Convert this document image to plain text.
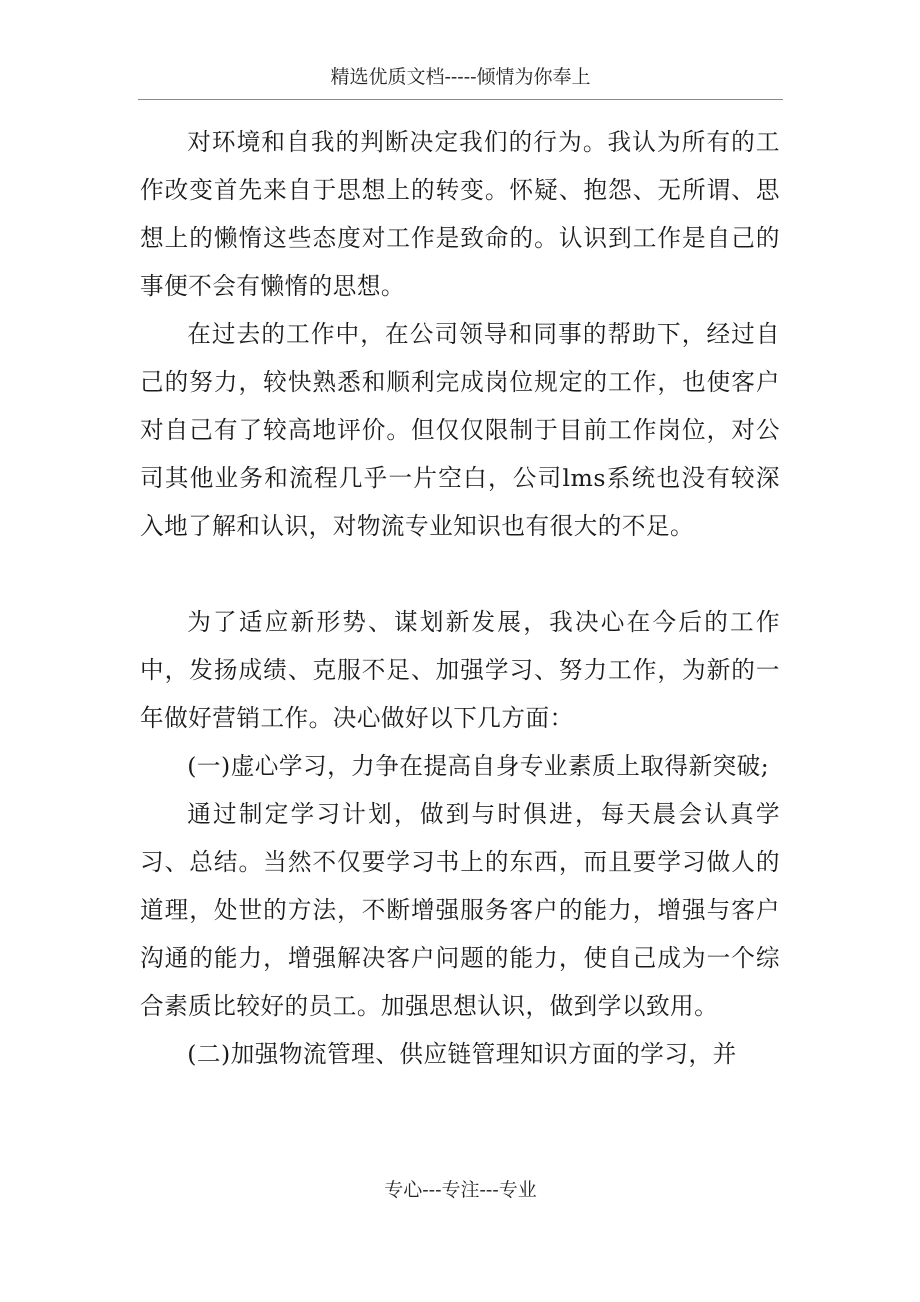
精选优质文档-----倾情为你奉上

对环境和自我的判断决定我们的行为。我认为所有的工作改变首先来自于思想上的转变。怀疑、抱怨、无所谓、思想上的懒惰这些态度对工作是致命的。认识到工作是自己的事便不会有懒惰的思想。

在过去的工作中，在公司领导和同事的帮助下，经过自己的努力，较快熟悉和顺利完成岗位规定的工作，也使客户对自己有了较高地评价。但仅仅限制于目前工作岗位，对公司其他业务和流程几乎一片空白，公司lms系统也没有较深入地了解和认识，对物流专业知识也有很大的不足。

为了适应新形势、谋划新发展，我决心在今后的工作中，发扬成绩、克服不足、加强学习、努力工作，为新的一年做好营销工作。决心做好以下几方面：

(一)虚心学习，力争在提高自身专业素质上取得新突破;

通过制定学习计划，做到与时俱进，每天晨会认真学习、总结。当然不仅要学习书上的东西，而且要学习做人的道理，处世的方法，不断增强服务客户的能力，增强与客户沟通的能力，增强解决客户问题的能力，使自己成为一个综合素质比较好的员工。加强思想认识，做到学以致用。

(二)加强物流管理、供应链管理知识方面的学习，并

专心---专注---专业
